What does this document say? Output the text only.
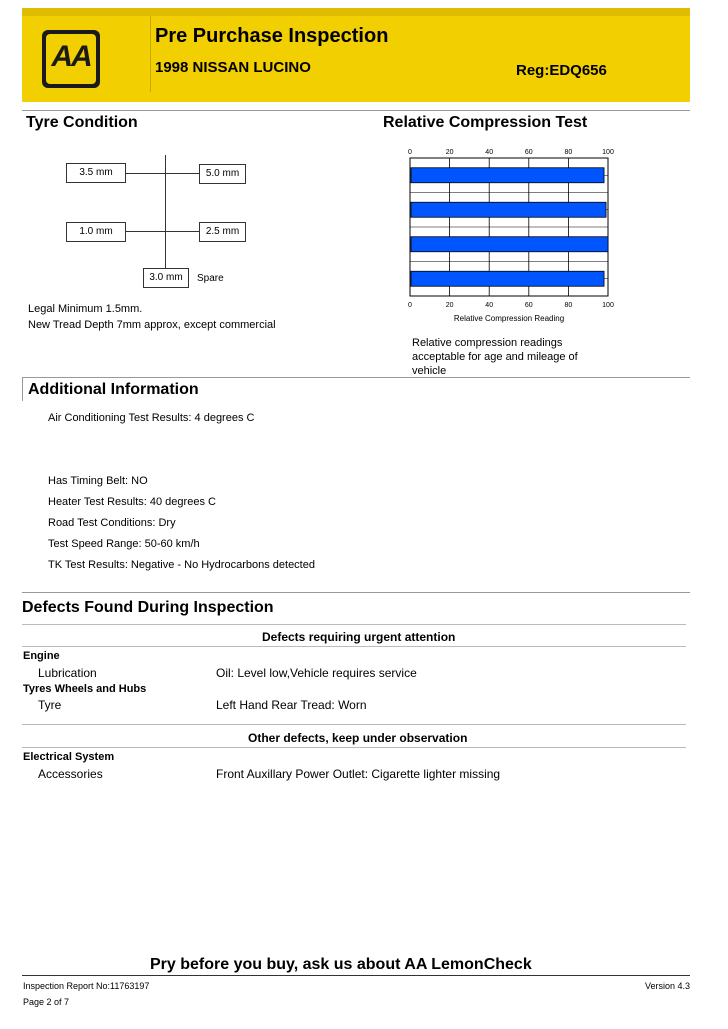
AA
Pre Purchase Inspection
1998 NISSAN LUCINO	Reg:EDQ656
Tyre Condition
3.5 mm	5.0 mm
1.0 mm	2.5 mm
3.0 mm	Spare
Legal Minimum 1.5mm.
New Tread Depth 7mm approx, except commercial
Relative Compression Test
0
0
20
20
40
40
60
60
80
80
100
100
Relative Compression Reading
Relative compression readings acceptable for age and mileage of vehicle
Additional Information
Air Conditioning Test Results: 4 degrees C
Has Timing Belt: NO
Heater Test Results: 40 degrees C
Road Test Conditions: Dry
Test Speed Range: 50-60 km/h
TK Test Results: Negative - No Hydrocarbons detected
Defects Found During Inspection
Defects requiring urgent attention
Engine
Lubrication	Oil: Level low,Vehicle requires service
Tyres Wheels and Hubs
Tyre	Left Hand Rear Tread: Worn
Other defects, keep under observation
Electrical System
Accessories	Front Auxillary Power Outlet: Cigarette lighter missing
Pry before you buy, ask us about AA LemonCheck
Inspection Report No:11763197	Version 4.3
Page 2 of 7
